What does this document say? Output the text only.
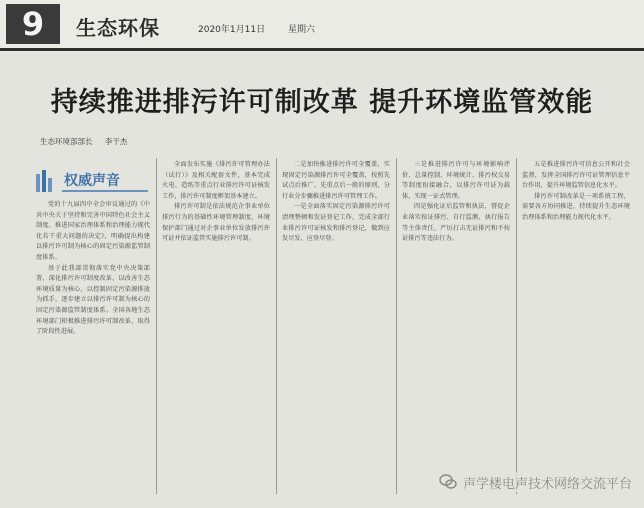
9	生态环保	2020年1月11日	星期六
持续推进排污许可制改革 提升环境监管效能
生态环境部部长 李干杰
权威声音

党的十九届四中全会审议通过的《中共中央关于坚持和完善中国特色社会主义制度、推进国家治理体系和治理能力现代化若干重大问题的决定》，明确提出构建以排污许可制为核心的固定污染源监管制度体系。

基于此我部贯彻落实党中央决策部署，深化排污许可制度改革，以改善生态环境质量为核心，以控制固定污染源排放为抓手，逐步建立以排污许可制为核心的固定污染源监管制度体系。全国各地生态环境部门积极推进排污许可制改革，取得了阶段性进展。

全面发布实施《排污许可管理办法（试行）》及相关配套文件，基本完成火电、造纸等重点行业排污许可证核发工作，排污许可制度框架基本建立。

排污许可制是依法规范企事业单位排污行为的基础性环境管理制度，环境保护部门通过对企事业单位发放排污许可证并依证监管实施排污许可制。

二是加快推进排污许可全覆盖，实现固定污染源排污许可全覆盖，按照先试点后推广、先重点后一般的原则，分行业分步骤推进排污许可管理工作。

一是全面落实固定污染源排污许可清理整顿和发证登记工作，完成全部行业排污许可证核发和排污登记，做到应发尽发、应登尽登。

三是推进排污许可与环境影响评价、总量控制、环境统计、排污权交易等制度衔接融合，以排污许可证为载体，实现一证式管理。

四是强化证后监管和执法，督促企业落实按证排污、自行监测、执行报告等主体责任，严厉打击无证排污和不按证排污等违法行为。

五是推进排污许可信息公开和社会监督，发挥全国排污许可证管理信息平台作用，提升环境监管信息化水平。

排污许可制改革是一项系统工程，需要各方协同推进，持续提升生态环境治理体系和治理能力现代化水平。

声学楼电声技术网络交流平台
